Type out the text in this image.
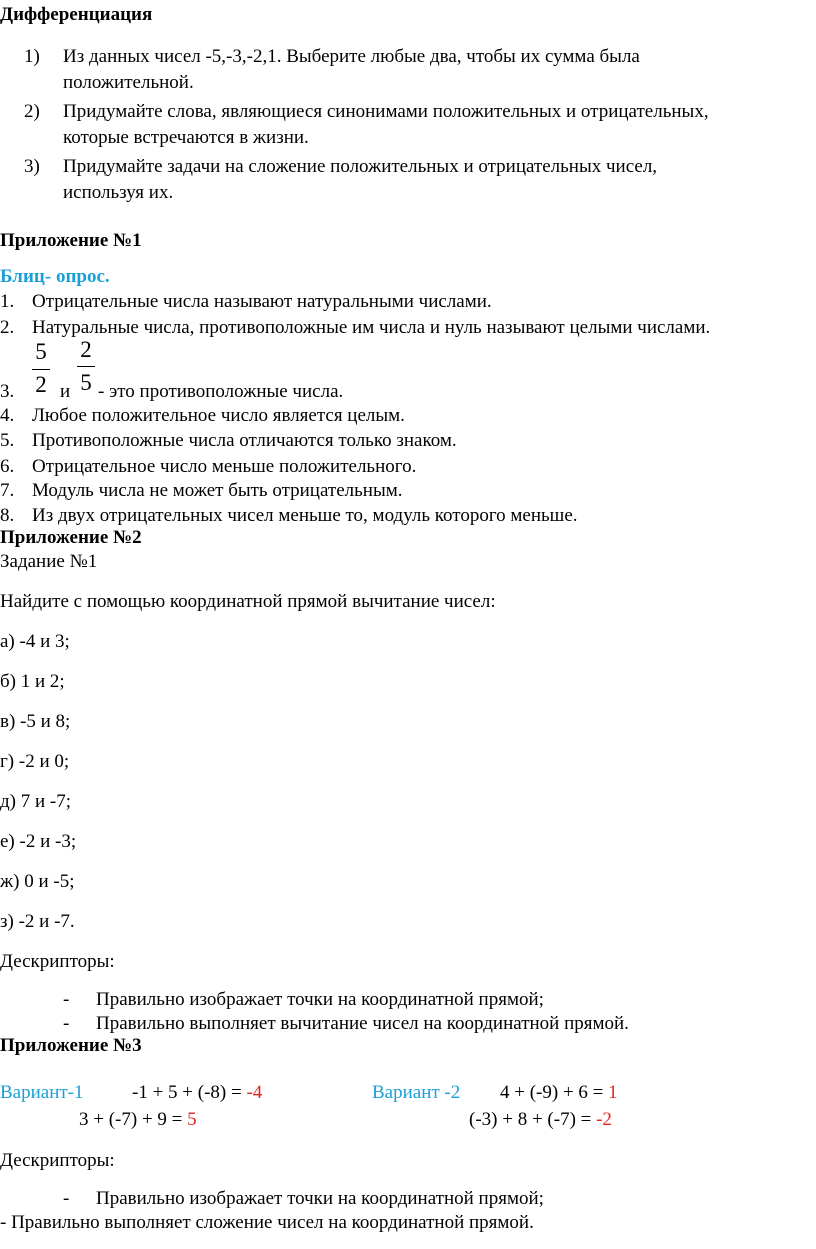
Дифференциация
1) Из данных чисел -5,-3,-2,1. Выберите любые два, чтобы их сумма была
положительной.
2) Придумайте слова, являющиеся синонимами положительных и отрицательных,
которые встречаются в жизни.
3) Придумайте задачи на сложение положительных и отрицательных чисел,
используя их.
Приложение №1
Блиц- опрос.
1. Отрицательные числа называют натуральными числами.
2. Натуральные числа, противоположные им числа и нуль называют целыми числами.
5
2
2
5
3. и - это противоположные числа.
4. Любое положительное число является целым.
5. Противоположные числа отличаются только знаком.
6. Отрицательное число меньше положительного.
7. Модуль числа не может быть отрицательным.
8. Из двух отрицательных чисел меньше то, модуль которого меньше.
Приложение №2
Задание №1
Найдите с помощью координатной прямой вычитание чисел:
а) -4 и 3;
б) 1 и 2;
в) -5 и 8;
г) -2 и 0;
д) 7 и -7;
е) -2 и -3;
ж) 0 и -5;
з) -2 и -7.
Дескрипторы:
- Правильно изображает точки на координатной прямой;
- Правильно выполняет вычитание чисел на координатной прямой.
Приложение №3
Вариант-1	-1 + 5 + (-8) = -4
3 + (-7) + 9 = 5
Вариант -2 4 + (-9) + 6 = 1
(-3) + 8 + (-7) = -2
Дескрипторы:
- Правильно изображает точки на координатной прямой;
- Правильно выполняет сложение чисел на координатной прямой.
